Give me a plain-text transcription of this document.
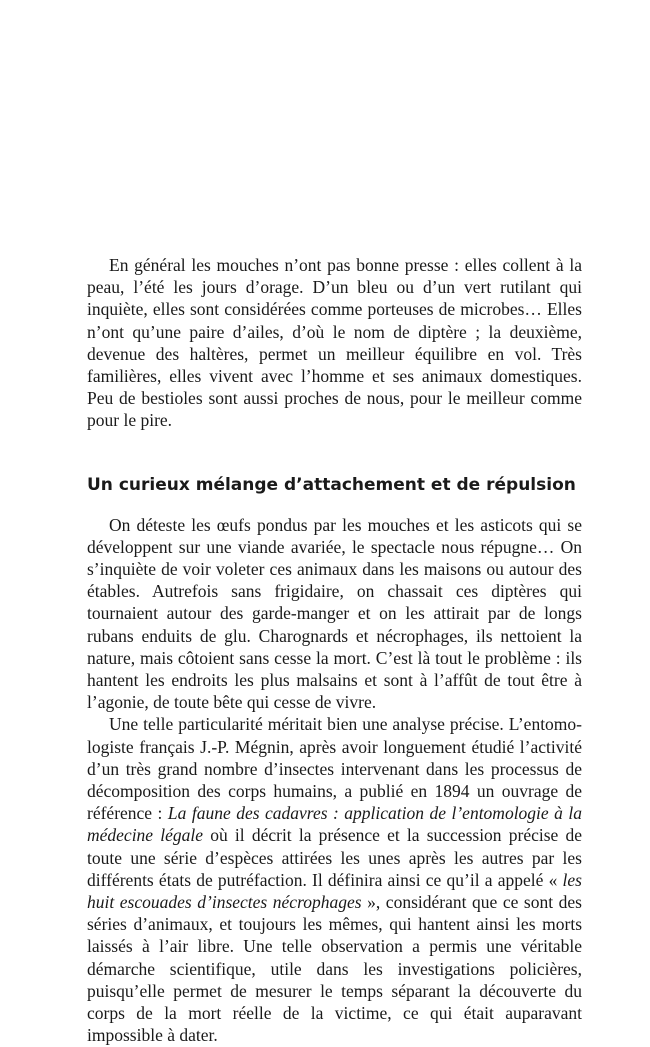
En général les mouches n’ont pas bonne presse : elles collent à la peau, l’été les jours d’orage. D’un bleu ou d’un vert rutilant qui inquiète, elles sont considérées comme porteuses de microbes… Elles n’ont qu’une paire d’ailes, d’où le nom de diptère ; la deuxième, devenue des haltères, permet un meilleur équilibre en vol. Très familières, elles vivent avec l’homme et ses animaux domestiques. Peu de bestioles sont aussi proches de nous, pour le meilleur comme pour le pire.

Un curieux mélange d’attachement et de répulsion

On déteste les œufs pondus par les mouches et les asticots qui se développent sur une viande avariée, le spectacle nous répugne… On s’inquiète de voir voleter ces animaux dans les maisons ou autour des étables. Autrefois sans frigidaire, on chassait ces diptères qui tournaient autour des garde-manger et on les attirait par de longs rubans enduits de glu. Charognards et nécrophages, ils nettoient la nature, mais côtoient sans cesse la mort. C’est là tout le problème : ils hantent les endroits les plus malsains et sont à l’affût de tout être à l’agonie, de toute bête qui cesse de vivre.

Une telle particularité méritait bien une analyse précise. L’entomologiste français J.-P. Mégnin, après avoir longuement étudié l’activité d’un très grand nombre d’insectes intervenant dans les processus de décomposition des corps humains, a publié en 1894 un ouvrage de référence : La faune des cadavres : application de l’entomologie à la médecine légale où il décrit la présence et la succession précise de toute une série d’espèces attirées les unes après les autres par les différents états de putréfaction. Il définira ainsi ce qu’il a appelé « les huit escouades d’insectes nécrophages », considérant que ce sont des séries d’animaux, et toujours les mêmes, qui hantent ainsi les morts laissés à l’air libre. Une telle observation a permis une véritable démarche scientifique, utile dans les investigations policières, puisqu’elle permet de mesurer le temps séparant la découverte du corps de la mort réelle de la victime, ce qui était auparavant impossible à dater.
